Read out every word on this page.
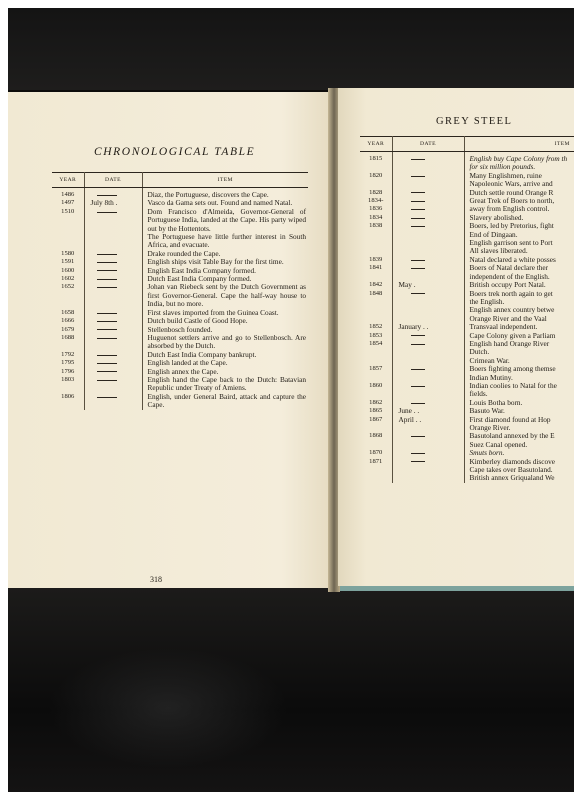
CHRONOLOGICAL TABLE
YEAR	DATE	ITEM
1486		Diaz, the Portuguese, discovers the Cape.
1497	July 8th .	Vasco da Gama sets out. Found and named Natal.
1510		Dom Francisco d'Almeida, Governor-General of Portuguese India, landed at the Cape. His party wiped out by the Hottentots.
		The Portuguese have little further interest in South Africa, and evacuate.
1580		Drake rounded the Cape.
1591		English ships visit Table Bay for the first time.
1600		English East India Company formed.
1602		Dutch East India Company formed.
1652		Johan van Riebeck sent by the Dutch Government as first Governor-General. Cape the half-way house to India, but no more.
1658		First slaves imported from the Guinea Coast.
1666		Dutch build Castle of Good Hope.
1679		Stellenbosch founded.
1688		Huguenot settlers arrive and go to Stellenbosch. Are absorbed by the Dutch.
1792		Dutch East India Company bankrupt.
1795		English landed at the Cape.
1796		English annex the Cape.
1803		English hand the Cape back to the Dutch: Batavian Republic under Treaty of Amiens.
1806		English, under General Baird, attack and capture the Cape.
318
GREY STEEL
YEAR	DATE	ITEM
1815		English buy Cape Colony from th
		for six million pounds.
1820		Many Englishmen, ruine
		Napoleonic Wars, arrive and
1828		Dutch settle round Orange R
1834-		Great Trek of Boers to north,
1836		away from English control.
1834		Slavery abolished.
1838		Boers, led by Pretorius, fight
		End of Dingaan.
		English garrison sent to Port
		All slaves liberated.
1839		Natal declared a white posses
1841		Boers of Natal declare ther
		independent of the English.
1842	May .	British occupy Port Natal.
1848		Boers trek north again to get
		the English.
		English annex country betwe
		Orange River and the Vaal
1852	January . .	Transvaal independent.
1853		Cape Colony given a Parliam
1854		English hand Orange River
		Dutch.
		Crimean War.
1857		Boers fighting among themse
		Indian Mutiny.
1860		Indian coolies to Natal for the
		fields.
1862		Louis Botha born.
1865	June . .	Basuto War.
1867	April . .	First diamond found at Hop
		Orange River.
1868		Basutoland annexed by the E
		Suez Canal opened.
1870		Smuts born.
1871		Kimberley diamonds discove
		Cape takes over Basutoland.
		British annex Griqualand We
